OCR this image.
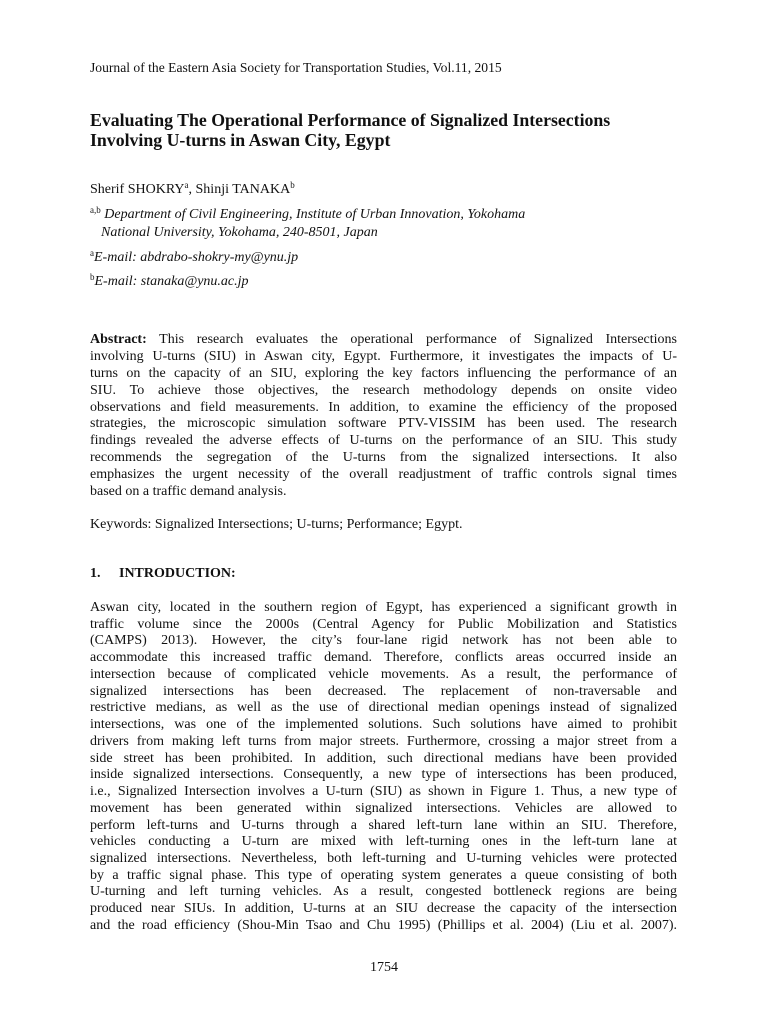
Journal of the Eastern Asia Society for Transportation Studies, Vol.11, 2015
Evaluating The Operational Performance of Signalized Intersections
Involving U-turns in Aswan City, Egypt
Sherif SHOKRY$^a$, Shinji TANAKA$^b$
$^{a,b}$ Department of Civil Engineering, Institute of Urban Innovation, Yokohama
National University, Yokohama, 240-8501, Japan
$^a$E-mail: abdrabo-shokry-my@ynu.jp
$^b$E-mail: stanaka@ynu.ac.jp
Abstract: This research evaluates the operational performance of Signalized Intersections
involving U-turns (SIU) in Aswan city, Egypt. Furthermore, it investigates the impacts of U-
turns on the capacity of an SIU, exploring the key factors influencing the performance of an
SIU. To achieve those objectives, the research methodology depends on onsite video
observations and field measurements. In addition, to examine the efficiency of the proposed
strategies, the microscopic simulation software PTV-VISSIM has been used. The research
findings revealed the adverse effects of U-turns on the performance of an SIU. This study
recommends the segregation of the U-turns from the signalized intersections. It also
emphasizes the urgent necessity of the overall readjustment of traffic controls signal times
based on a traffic demand analysis.
Keywords: Signalized Intersections; U-turns; Performance; Egypt.
1. INTRODUCTION:
Aswan city, located in the southern region of Egypt, has experienced a significant growth in
traffic volume since the 2000s (Central Agency for Public Mobilization and Statistics
(CAMPS) 2013). However, the city’s four-lane rigid network has not been able to
accommodate this increased traffic demand. Therefore, conflicts areas occurred inside an
intersection because of complicated vehicle movements. As a result, the performance of
signalized intersections has been decreased. The replacement of non-traversable and
restrictive medians, as well as the use of directional median openings instead of signalized
intersections, was one of the implemented solutions. Such solutions have aimed to prohibit
drivers from making left turns from major streets. Furthermore, crossing a major street from a
side street has been prohibited. In addition, such directional medians have been provided
inside signalized intersections. Consequently, a new type of intersections has been produced,
i.e., Signalized Intersection involves a U-turn (SIU) as shown in Figure 1. Thus, a new type of
movement has been generated within signalized intersections. Vehicles are allowed to
perform left-turns and U-turns through a shared left-turn lane within an SIU. Therefore,
vehicles conducting a U-turn are mixed with left-turning ones in the left-turn lane at
signalized intersections. Nevertheless, both left-turning and U-turning vehicles were protected
by a traffic signal phase. This type of operating system generates a queue consisting of both
U-turning and left turning vehicles. As a result, congested bottleneck regions are being
produced near SIUs. In addition, U-turns at an SIU decrease the capacity of the intersection
and the road efficiency (Shou-Min Tsao and Chu 1995) (Phillips et al. 2004) (Liu et al. 2007).
1754
